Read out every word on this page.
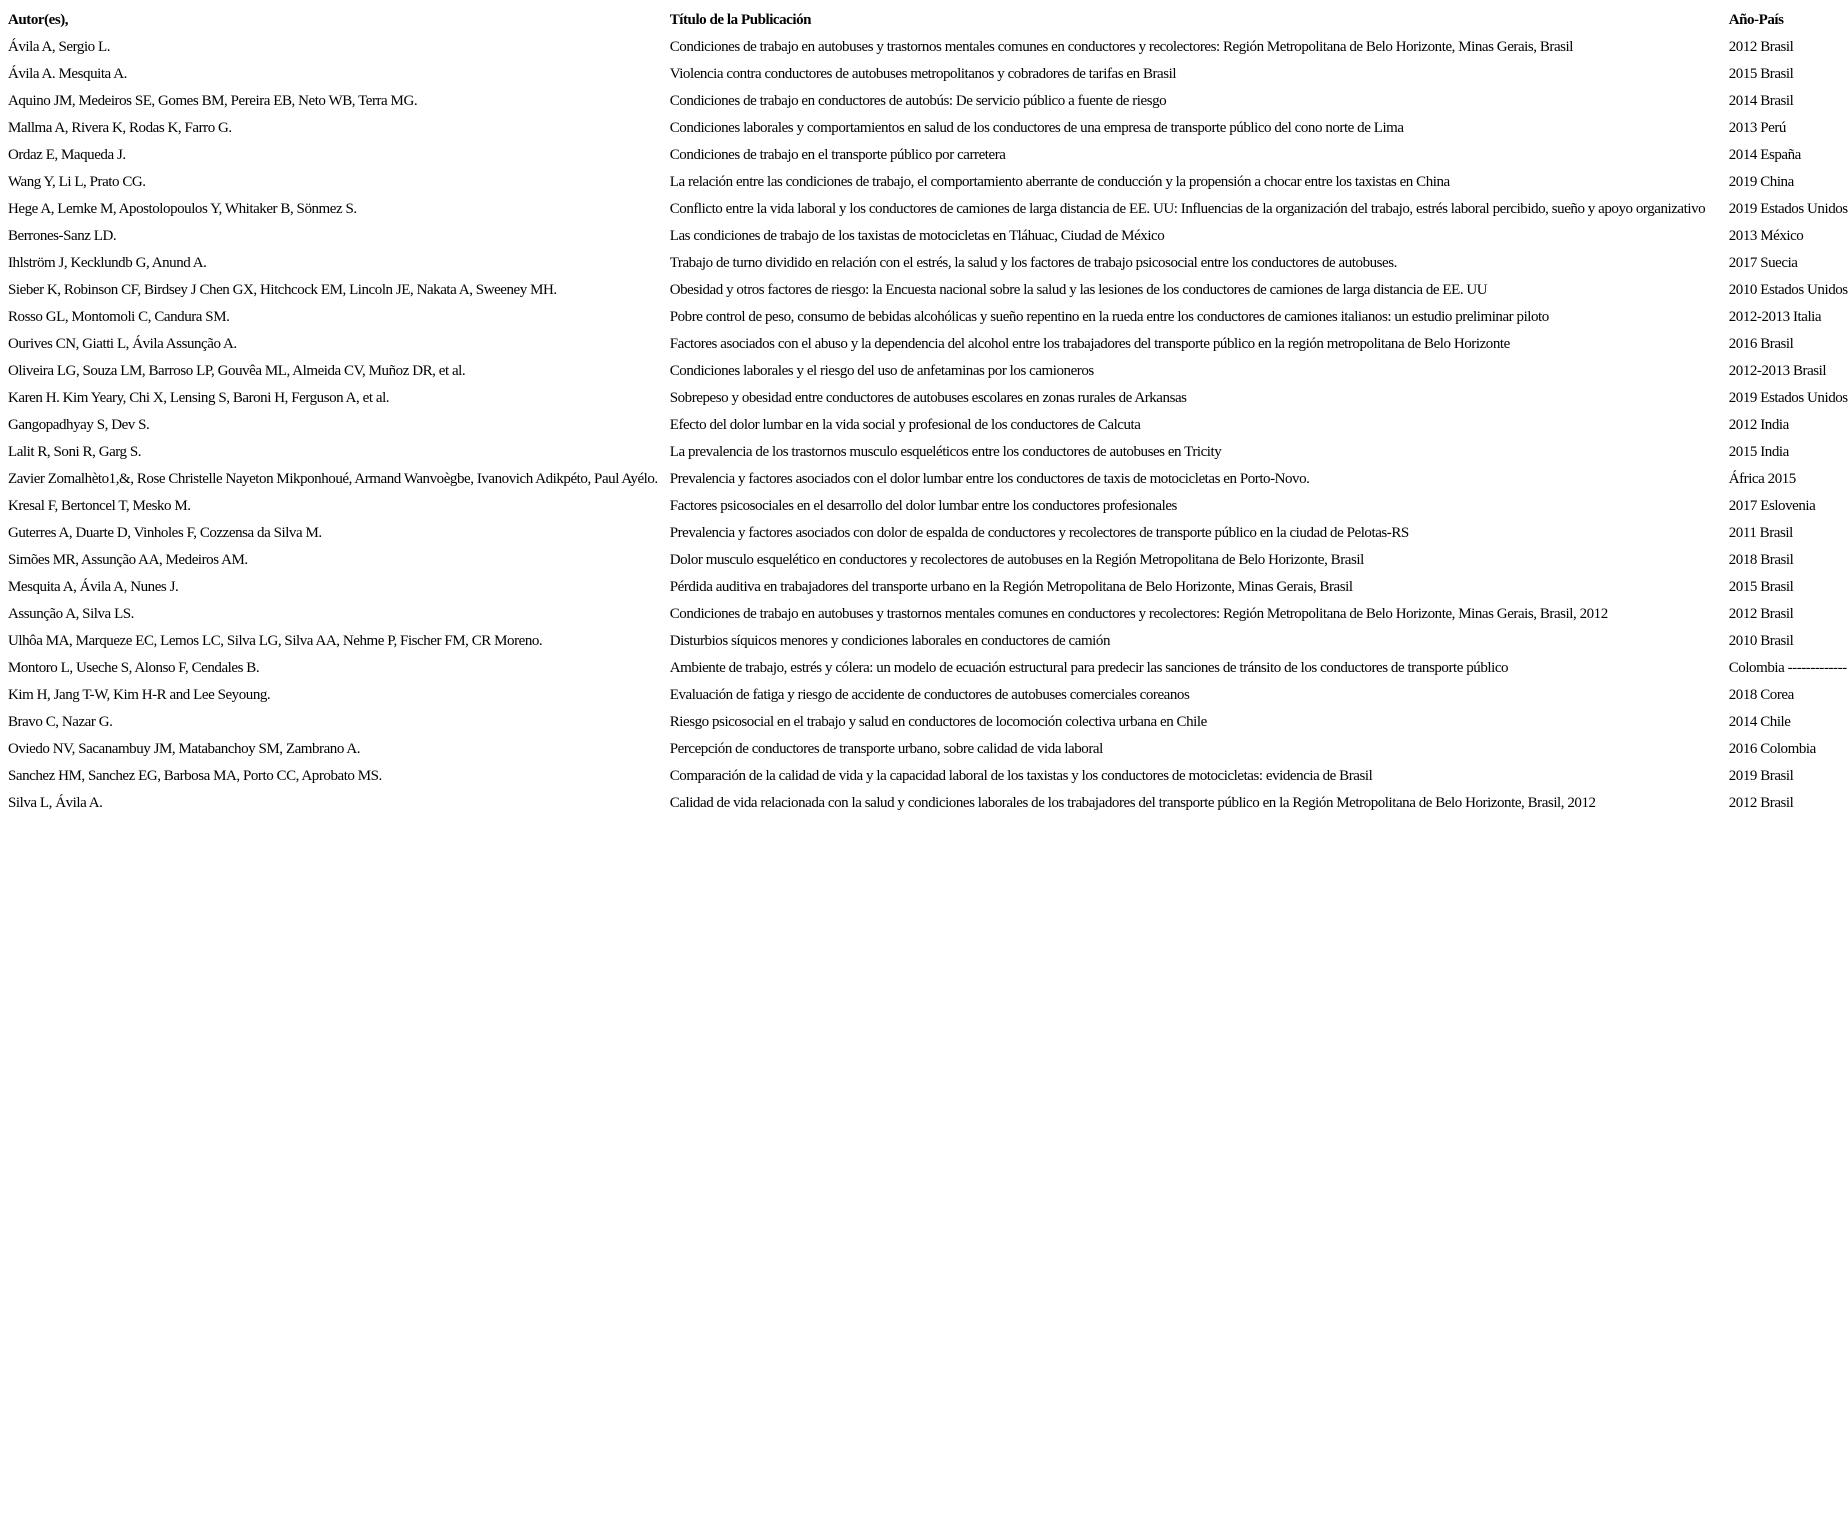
Autor(es),	Título de la Publicación	Año-País
Ávila A, Sergio L.	Condiciones de trabajo en autobuses y trastornos mentales comunes en conductores y recolectores: Región Metropolitana de Belo Horizonte, Minas Gerais, Brasil	2012 Brasil
Ávila A. Mesquita A.	Violencia contra conductores de autobuses metropolitanos y cobradores de tarifas en Brasil	2015 Brasil
Aquino JM, Medeiros SE, Gomes BM, Pereira EB, Neto WB, Terra MG.	Condiciones de trabajo en conductores de autobús: De servicio público a fuente de riesgo	2014 Brasil
Mallma A, Rivera K, Rodas K, Farro G.	Condiciones laborales y comportamientos en salud de los conductores de una empresa de transporte público del cono norte de Lima	2013 Perú
Ordaz E, Maqueda J.	Condiciones de trabajo en el transporte público por carretera	2014 España
Wang Y, Li L, Prato CG.	La relación entre las condiciones de trabajo, el comportamiento aberrante de conducción y la propensión a chocar entre los taxistas en China	2019 China
Hege A, Lemke M, Apostolopoulos Y, Whitaker B, Sönmez S.	Conflicto entre la vida laboral y los conductores de camiones de larga distancia de EE. UU: Influencias de la organización del trabajo, estrés laboral percibido, sueño y apoyo organizativo	2019 Estados Unidos
Berrones-Sanz LD.	Las condiciones de trabajo de los taxistas de motocicletas en Tláhuac, Ciudad de México	2013 México
Ihlström J, Kecklundb G, Anund A.	Trabajo de turno dividido en relación con el estrés, la salud y los factores de trabajo psicosocial entre los conductores de autobuses.	2017 Suecia
Sieber K, Robinson CF, Birdsey J Chen GX, Hitchcock EM, Lincoln JE, Nakata A, Sweeney MH.	Obesidad y otros factores de riesgo: la Encuesta nacional sobre la salud y las lesiones de los conductores de camiones de larga distancia de EE. UU	2010 Estados Unidos
Rosso GL, Montomoli C, Candura SM.	Pobre control de peso, consumo de bebidas alcohólicas y sueño repentino en la rueda entre los conductores de camiones italianos: un estudio preliminar piloto	2012-2013 Italia
Ourives CN, Giatti L, Ávila Assunção A.	Factores asociados con el abuso y la dependencia del alcohol entre los trabajadores del transporte público en la región metropolitana de Belo Horizonte	2016 Brasil
Oliveira LG, Souza LM, Barroso LP, Gouvêa ML, Almeida CV, Muñoz DR, et al.	Condiciones laborales y el riesgo del uso de anfetaminas por los camioneros	2012-2013 Brasil
Karen H. Kim Yeary, Chi X, Lensing S, Baroni H, Ferguson A, et al.	Sobrepeso y obesidad entre conductores de autobuses escolares en zonas rurales de Arkansas	2019 Estados Unidos
Gangopadhyay S, Dev S.	Efecto del dolor lumbar en la vida social y profesional de los conductores de Calcuta	2012 India
Lalit R, Soni R, Garg S.	La prevalencia de los trastornos musculo esqueléticos entre los conductores de autobuses en Tricity	2015 India
Zavier Zomalhèto1,&, Rose Christelle Nayeton Mikponhoué, Armand Wanvoègbe, Ivanovich Adikpéto, Paul Ayélo.	Prevalencia y factores asociados con el dolor lumbar entre los conductores de taxis de motocicletas en Porto-Novo.	África 2015
Kresal F, Bertoncel T, Mesko M.	Factores psicosociales en el desarrollo del dolor lumbar entre los conductores profesionales	2017 Eslovenia
Guterres A, Duarte D, Vinholes F, Cozzensa da Silva M.	Prevalencia y factores asociados con dolor de espalda de conductores y recolectores de transporte público en la ciudad de Pelotas-RS	2011 Brasil
Simões MR, Assunção AA, Medeiros AM.	Dolor musculo esquelético en conductores y recolectores de autobuses en la Región Metropolitana de Belo Horizonte, Brasil	2018 Brasil
Mesquita A, Ávila A, Nunes J.	Pérdida auditiva en trabajadores del transporte urbano en la Región Metropolitana de Belo Horizonte, Minas Gerais, Brasil	2015 Brasil
Assunção A, Silva LS.	Condiciones de trabajo en autobuses y trastornos mentales comunes en conductores y recolectores: Región Metropolitana de Belo Horizonte, Minas Gerais, Brasil, 2012	2012 Brasil
Ulhôa MA, Marqueze EC, Lemos LC, Silva LG, Silva AA, Nehme P, Fischer FM, CR Moreno.	Disturbios síquicos menores y condiciones laborales en conductores de camión	2010 Brasil
Montoro L, Useche S, Alonso F, Cendales B.	Ambiente de trabajo, estrés y cólera: un modelo de ecuación estructural para predecir las sanciones de tránsito de los conductores de transporte público	Colombia -------------
Kim H, Jang T-W, Kim H-R and Lee Seyoung.	Evaluación de fatiga y riesgo de accidente de conductores de autobuses comerciales coreanos	2018 Corea
Bravo C, Nazar G.	Riesgo psicosocial en el trabajo y salud en conductores de locomoción colectiva urbana en Chile	2014 Chile
Oviedo NV, Sacanambuy JM, Matabanchoy SM, Zambrano A.	Percepción de conductores de transporte urbano, sobre calidad de vida laboral	2016 Colombia
Sanchez HM, Sanchez EG, Barbosa MA, Porto CC, Aprobato MS.	Comparación de la calidad de vida y la capacidad laboral de los taxistas y los conductores de motocicletas: evidencia de Brasil	2019 Brasil
Silva L, Ávila A.	Calidad de vida relacionada con la salud y condiciones laborales de los trabajadores del transporte público en la Región Metropolitana de Belo Horizonte, Brasil, 2012	2012 Brasil
